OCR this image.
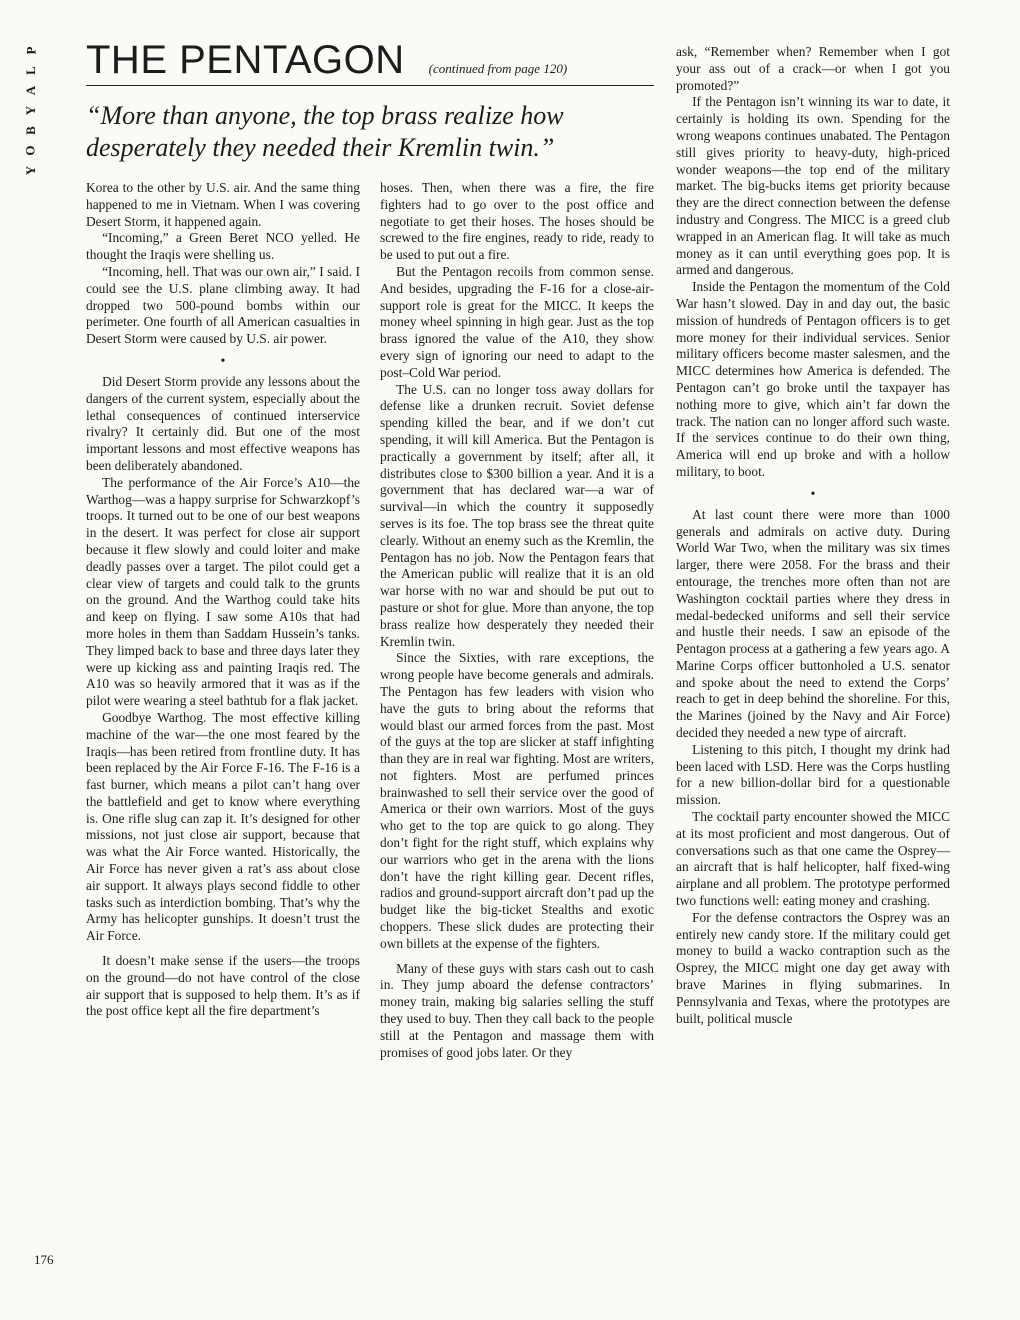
P
L
A
Y
B
O
Y
THE PENTAGON (continued from page 120)
“More than anyone, the top brass realize how desperately they needed their Kremlin twin.”

Korea to the other by U.S. air. And the same thing happened to me in Vietnam. When I was covering Desert Storm, it happened again.

“Incoming,” a Green Beret NCO yelled. He thought the Iraqis were shelling us.

“Incoming, hell. That was our own air,” I said. I could see the U.S. plane climbing away. It had dropped two 500-pound bombs within our perimeter. One fourth of all American casualties in Desert Storm were caused by U.S. air power.

•

Did Desert Storm provide any lessons about the dangers of the current system, especially about the lethal consequences of continued interservice rivalry? It certainly did. But one of the most important lessons and most effective weapons has been deliberately abandoned.

The performance of the Air Force’s A10—the Warthog—was a happy surprise for Schwarzkopf’s troops. It turned out to be one of our best weapons in the desert. It was perfect for close air support because it flew slowly and could loiter and make deadly passes over a target. The pilot could get a clear view of targets and could talk to the grunts on the ground. And the Warthog could take hits and keep on flying. I saw some A10s that had more holes in them than Saddam Hussein’s tanks. They limped back to base and three days later they were up kicking ass and painting Iraqis red. The A10 was so heavily armored that it was as if the pilot were wearing a steel bathtub for a flak jacket.

Goodbye Warthog. The most effective killing machine of the war—the one most feared by the Iraqis—has been retired from frontline duty. It has been replaced by the Air Force F-16. The F-16 is a fast burner, which means a pilot can’t hang over the battlefield and get to know where everything is. One rifle slug can zap it. It’s designed for other missions, not just close air support, because that was what the Air Force wanted. Historically, the Air Force has never given a rat’s ass about close air support. It always plays second fiddle to other tasks such as interdiction bombing. That’s why the Army has helicopter gunships. It doesn’t trust the Air Force.

It doesn’t make sense if the users—the troops on the ground—do not have control of the close air support that is supposed to help them. It’s as if the post office kept all the fire department’s

hoses. Then, when there was a fire, the fire fighters had to go over to the post office and negotiate to get their hoses. The hoses should be screwed to the fire engines, ready to ride, ready to be used to put out a fire.

But the Pentagon recoils from common sense. And besides, upgrading the F-16 for a close-air-support role is great for the MICC. It keeps the money wheel spinning in high gear. Just as the top brass ignored the value of the A10, they show every sign of ignoring our need to adapt to the post–Cold War period.

The U.S. can no longer toss away dollars for defense like a drunken recruit. Soviet defense spending killed the bear, and if we don’t cut spending, it will kill America. But the Pentagon is practically a government by itself; after all, it distributes close to $300 billion a year. And it is a government that has declared war—a war of survival—in which the country it supposedly serves is its foe. The top brass see the threat quite clearly. Without an enemy such as the Kremlin, the Pentagon has no job. Now the Pentagon fears that the American public will realize that it is an old war horse with no war and should be put out to pasture or shot for glue. More than anyone, the top brass realize how desperately they needed their Kremlin twin.

Since the Sixties, with rare exceptions, the wrong people have become generals and admirals. The Pentagon has few leaders with vision who have the guts to bring about the reforms that would blast our armed forces from the past. Most of the guys at the top are slicker at staff infighting than they are in real war fighting. Most are writers, not fighters. Most are perfumed princes brainwashed to sell their service over the good of America or their own warriors. Most of the guys who get to the top are quick to go along. They don’t fight for the right stuff, which explains why our warriors who get in the arena with the lions don’t have the right killing gear. Decent rifles, radios and ground-support aircraft don’t pad up the budget like the big-ticket Stealths and exotic choppers. These slick dudes are protecting their own billets at the expense of the fighters.

Many of these guys with stars cash out to cash in. They jump aboard the defense contractors’ money train, making big salaries selling the stuff they used to buy. Then they call back to the people still at the Pentagon and massage them with promises of good jobs later. Or they

ask, “Remember when? Remember when I got your ass out of a crack—or when I got you promoted?”

If the Pentagon isn’t winning its war to date, it certainly is holding its own. Spending for the wrong weapons continues unabated. The Pentagon still gives priority to heavy-duty, high-priced wonder weapons—the top end of the military market. The big-bucks items get priority because they are the direct connection between the defense industry and Congress. The MICC is a greed club wrapped in an American flag. It will take as much money as it can until everything goes pop. It is armed and dangerous.

Inside the Pentagon the momentum of the Cold War hasn’t slowed. Day in and day out, the basic mission of hundreds of Pentagon officers is to get more money for their individual services. Senior military officers become master salesmen, and the MICC determines how America is defended. The Pentagon can’t go broke until the taxpayer has nothing more to give, which ain’t far down the track. The nation can no longer afford such waste. If the services continue to do their own thing, America will end up broke and with a hollow military, to boot.

•

At last count there were more than 1000 generals and admirals on active duty. During World War Two, when the military was six times larger, there were 2058. For the brass and their entourage, the trenches more often than not are Washington cocktail parties where they dress in medal-bedecked uniforms and sell their service and hustle their needs. I saw an episode of the Pentagon process at a gathering a few years ago. A Marine Corps officer buttonholed a U.S. senator and spoke about the need to extend the Corps’ reach to get in deep behind the shoreline. For this, the Marines (joined by the Navy and Air Force) decided they needed a new type of aircraft.

Listening to this pitch, I thought my drink had been laced with LSD. Here was the Corps hustling for a new billion-dollar bird for a questionable mission.

The cocktail party encounter showed the MICC at its most proficient and most dangerous. Out of conversations such as that one came the Osprey—an aircraft that is half helicopter, half fixed-wing airplane and all problem. The prototype performed two functions well: eating money and crashing.

For the defense contractors the Osprey was an entirely new candy store. If the military could get money to build a wacko contraption such as the Osprey, the MICC might one day get away with brave Marines in flying submarines. In Pennsylvania and Texas, where the prototypes are built, political muscle

176
